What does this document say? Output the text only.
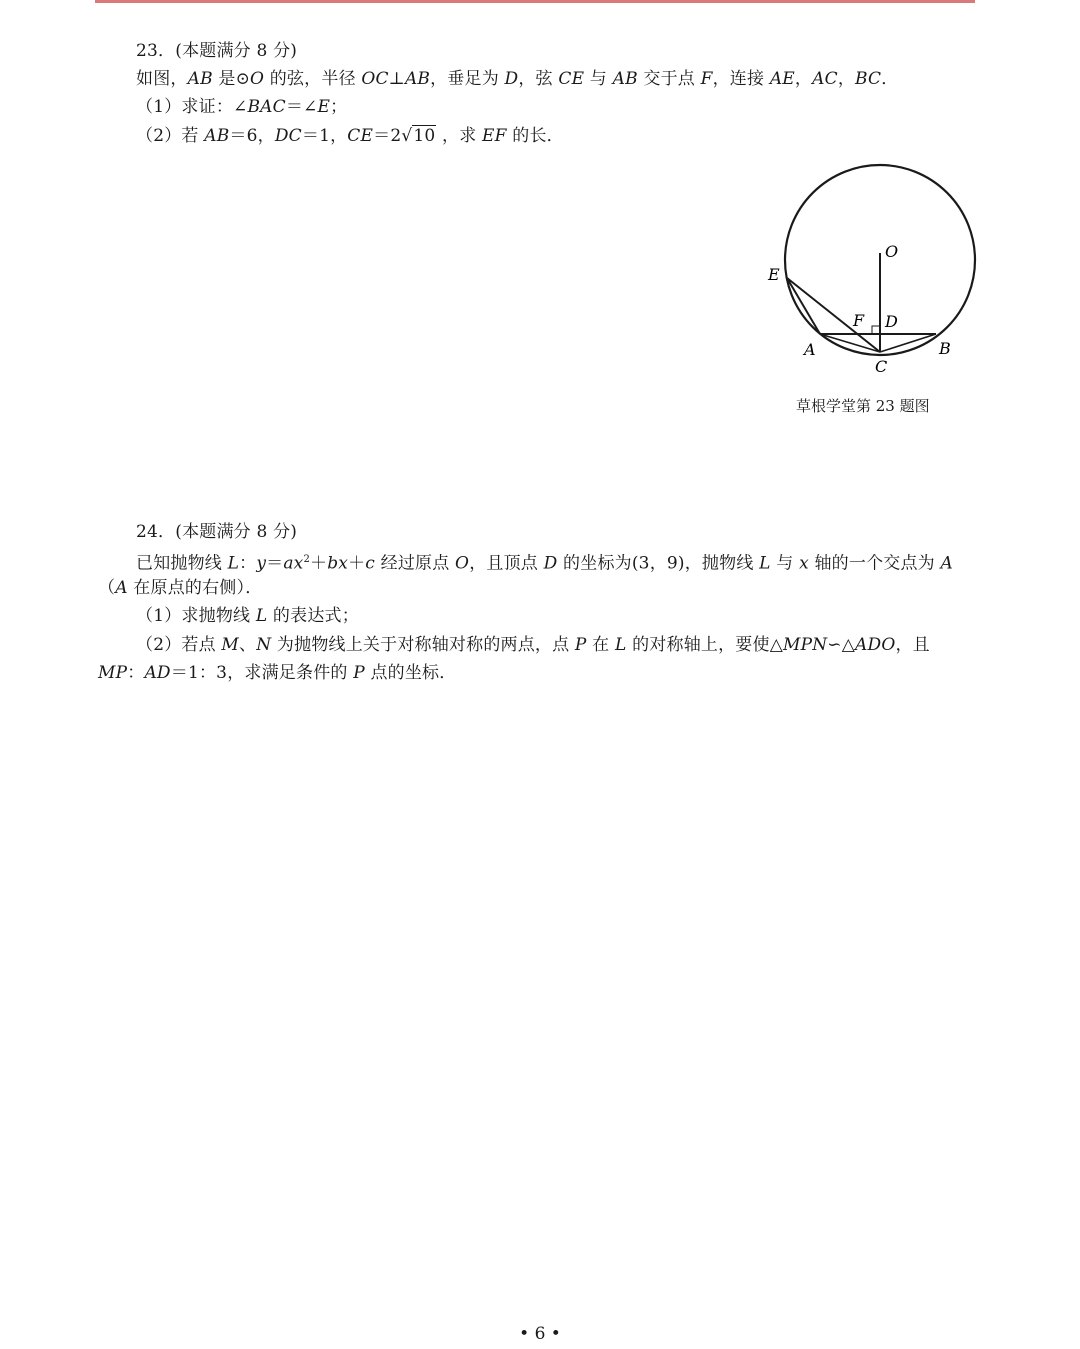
23．(本题满分 8 分)
如图，AB 是⊙O 的弦，半径 OC⊥AB，垂足为 D，弦 CE 与 AB 交于点 F，连接 AE，AC，BC．
（1）求证：∠BAC＝∠E；
（2）若 AB＝6，DC＝1，CE＝2√10 ，求 EF 的长．
O
E
F D
A	B
C
草根学堂第 23 题图
24．(本题满分 8 分)
已知抛物线 L：$y=ax^2+bx+c$ 经过原点 O，且顶点 D 的坐标为(3，9)，抛物线 L 与 x 轴的一个交点为 A
（A 在原点的右侧）．
（1）求抛物线 L 的表达式；
（2）若点 M、N 为抛物线上关于对称轴对称的两点，点 P 在 L 的对称轴上，要使△MPN∽△ADO，且
MP：AD＝1：3，求满足条件的 P 点的坐标．
• 6 •
